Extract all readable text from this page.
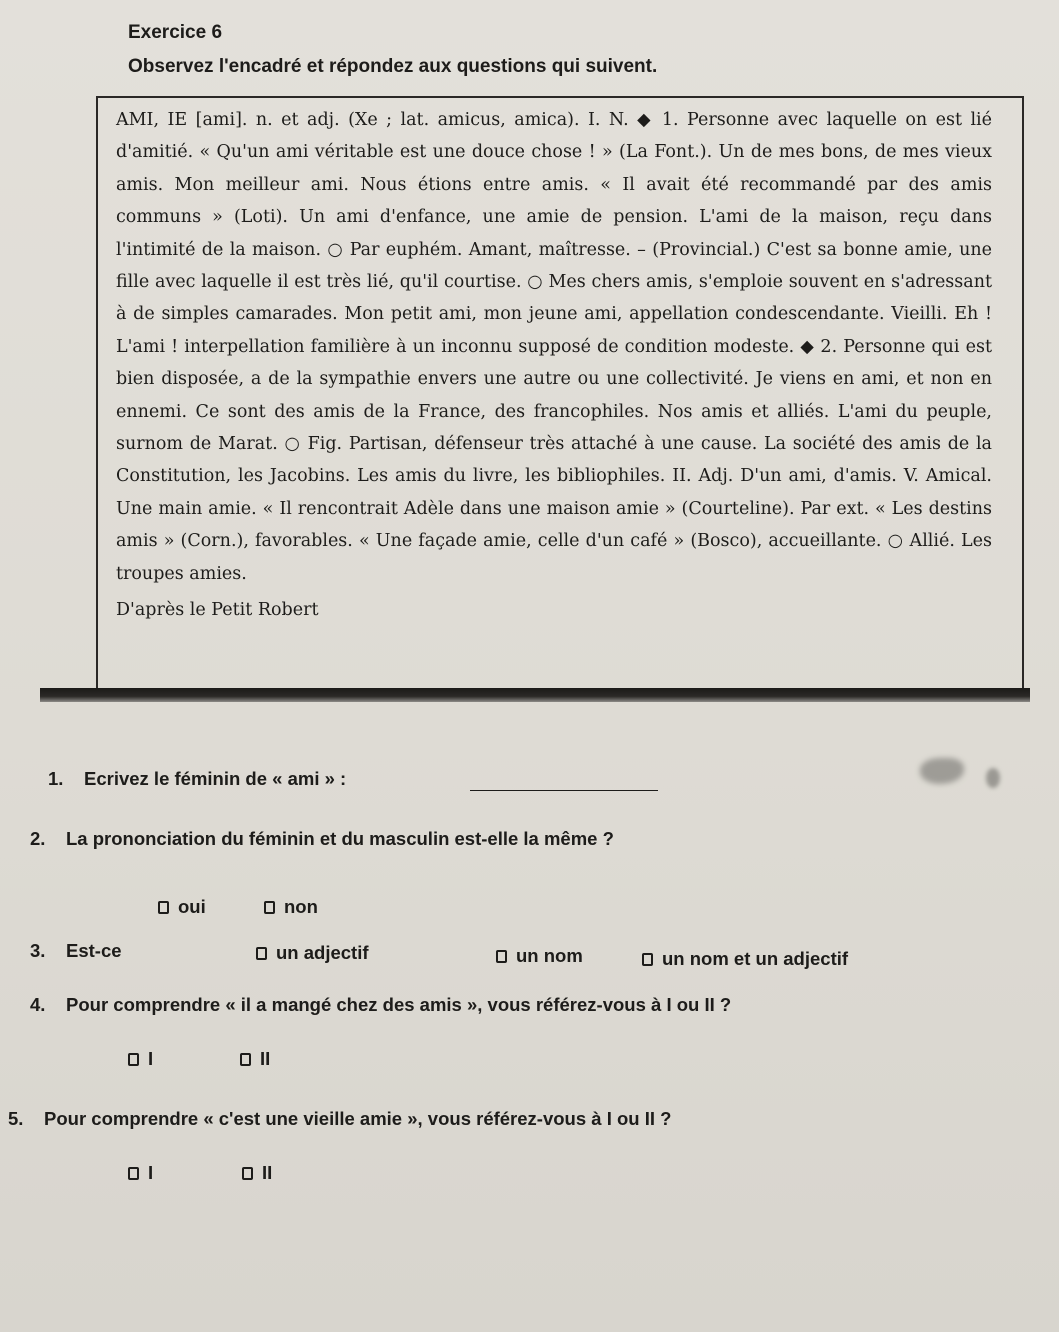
Exercice 6
Observez l'encadré et répondez aux questions qui suivent.

AMI, IE [ami]. n. et adj. (Xe ; lat. amicus, amica). I. N. ◆ 1. Personne avec laquelle on est lié d'amitié. « Qu'un ami véritable est une douce chose ! » (La Font.). Un de mes bons, de mes vieux amis. Mon meilleur ami. Nous étions entre amis. « Il avait été recommandé par des amis communs » (Loti). Un ami d'enfance, une amie de pension. L'ami de la maison, reçu dans l'intimité de la maison. ○ Par euphém. Amant, maîtresse. – (Provincial.) C'est sa bonne amie, une fille avec laquelle il est très lié, qu'il courtise. ○ Mes chers amis, s'emploie souvent en s'adressant à de simples camarades. Mon petit ami, mon jeune ami, appellation condescendante. Vieilli. Eh ! L'ami ! interpellation familière à un inconnu supposé de condition modeste. ◆ 2. Personne qui est bien disposée, a de la sympathie envers une autre ou une collectivité. Je viens en ami, et non en ennemi. Ce sont des amis de la France, des francophiles. Nos amis et alliés. L'ami du peuple, surnom de Marat. ○ Fig. Partisan, défenseur très attaché à une cause. La société des amis de la Constitution, les Jacobins. Les amis du livre, les bibliophiles. II. Adj. D'un ami, d'amis. V. Amical. Une main amie. « Il rencontrait Adèle dans une maison amie » (Courteline). Par ext. « Les destins amis » (Corn.), favorables. « Une façade amie, celle d'un café » (Bosco), accueillante. ○ Allié. Les troupes amies.

D'après le Petit Robert

1. Ecrivez le féminin de « ami » :
2. La prononciation du féminin et du masculin est-elle la même ?
oui	non
3. Est-ce	un adjectif	un nom	un nom et un adjectif
4. Pour comprendre « il a mangé chez des amis », vous référez-vous à I ou II ?
I	II
5. Pour comprendre « c'est une vieille amie », vous référez-vous à I ou II ?
I	II
